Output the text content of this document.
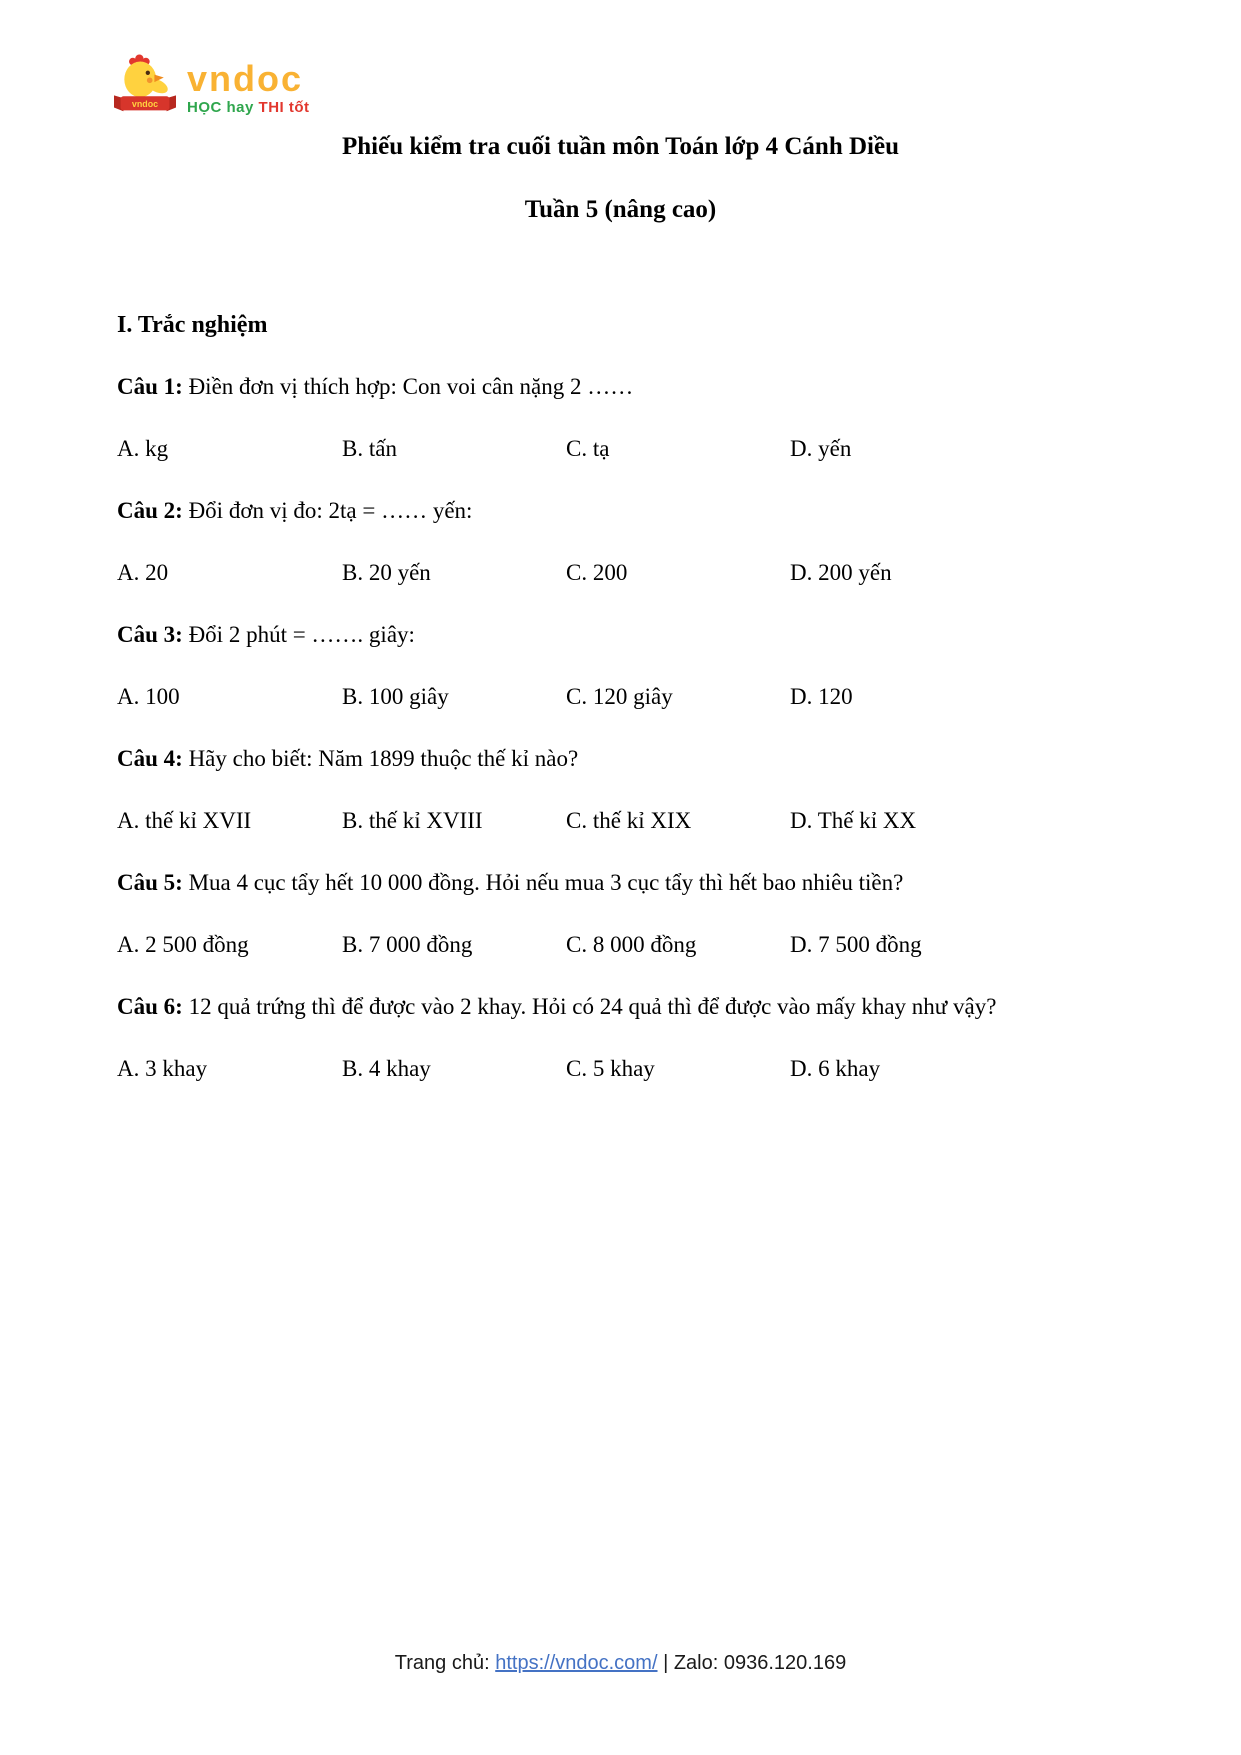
vndoc
vndoc
HỌC hay THI tốt
Phiếu kiểm tra cuối tuần môn Toán lớp 4 Cánh Diều
Tuần 5 (nâng cao)

I. Trắc nghiệm

Câu 1: Điền đơn vị thích hợp: Con voi cân nặng 2 ……

A. kg	B. tấn	C. tạ	D. yến

Câu 2: Đổi đơn vị đo: 2tạ = …… yến:

A. 20	B. 20 yến	C. 200	D. 200 yến

Câu 3: Đổi 2 phút = ……. giây:

A. 100	B. 100 giây	C. 120 giây	D. 120

Câu 4: Hãy cho biết: Năm 1899 thuộc thế kỉ nào?

A. thế kỉ XVII	B. thế kỉ XVIII	C. thế kỉ XIX	D. Thế kỉ XX

Câu 5: Mua 4 cục tẩy hết 10 000 đồng. Hỏi nếu mua 3 cục tẩy thì hết bao nhiêu tiền?

A. 2 500 đồng	B. 7 000 đồng	C. 8 000 đồng	D. 7 500 đồng

Câu 6: 12 quả trứng thì để được vào 2 khay. Hỏi có 24 quả thì để được vào mấy khay như vậy?

A. 3 khay	B. 4 khay	C. 5 khay	D. 6 khay
Trang chủ: https://vndoc.com/ | Zalo: 0936.120.169
